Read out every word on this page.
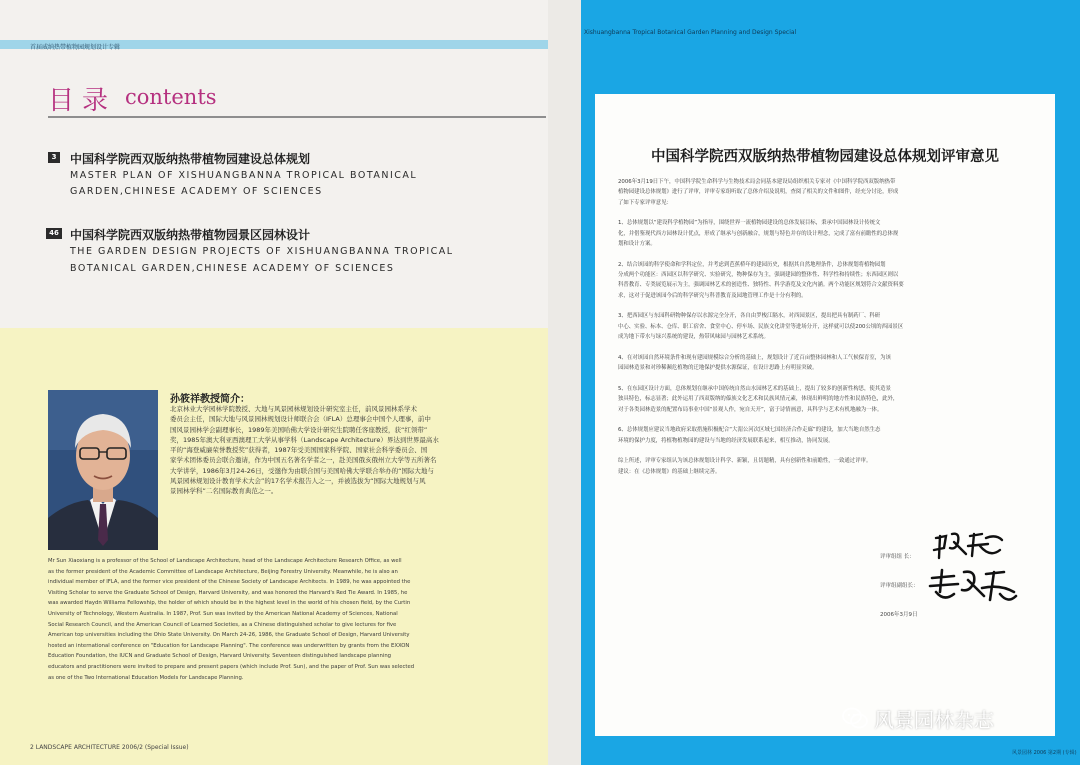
首届威纳热带植物园规划设计专辑
目录 contents
3 中国科学院西双版纳热带植物园建设总体规划
MASTER PLAN OF XISHUANGBANNA TROPICAL BOTANICAL
GARDEN,CHINESE ACADEMY OF SCIENCES
46 中国科学院西双版纳热带植物园景区园林设计
THE GARDEN DESIGN PROJECTS OF XISHUANGBANNA TROPICAL
BOTANICAL GARDEN,CHINESE ACADEMY OF SCIENCES
孙筱祥教授简介：
北京林业大学园林学院教授、大地与风景园林规划设计研究室主任，前风景园林系学术
委员会主任，国际大地与风景园林规划设计师联合会（IFLA）总理事会中国个人理事，前中
国风景园林学会副理事长，1989年美国哈佛大学设计研究生院聘任客座教授，获“红领带”
奖，1985年澳大利亚西澳理工大学从事学科（Landscape Architecture）界达到世界最高水
平的“海登威廉荣誉教授奖”获得者，1987年受美国国家科学院、国家社会科学委员会、国
家学术团体委员会联合邀请，作为中国五名著名学者之一，赴美国俄亥俄州立大学等五所著名
大学讲学，1986年3月24-26日，受邀作为由联合国与美国哈佛大学联合举办的“国际大地与
风景园林规划设计教育学术大会”的17名学术报告人之一，并被选拔为“国际大地规划与风
景园林学科”二名国际教育典范之一。
Mr Sun Xiaoxiang is a professor of the School of Landscape Architecture, head of the Landscape Architecture Research Office, as well
as the former president of the Academic Committee of Landscape Architecture, Beijing Forestry University. Meanwhile, he is also an
individual member of IFLA, and the former vice president of the Chinese Society of Landscape Architects. In 1989, he was appointed the
Visiting Scholar to serve the Graduate School of Design, Harvard University, and was honored the Harvard's Red Tie Award. In 1985, he
was awarded Haydn Williams Fellowship, the holder of which should be in the highest level in the world of his chosen field, by the Curtin
University of Technology, Western Australia. In 1987, Prof. Sun was invited by the American National Academy of Sciences, National
Social Research Council, and the American Council of Learned Societies, as a Chinese distinguished scholar to give lectures for five
American top universities including the Ohio State University. On March 24-26, 1986, the Graduate School of Design, Harvard University
hosted an international conference on "Education for Landscape Planning". The conference was underwritten by grants from the EXXON
Education Foundation, the IUCN and Graduate School of Design, Harvard University. Seventeen distinguished landscape planning
educators and practitioners were invited to prepare and present papers (which include Prof. Sun), and the paper of Prof. Sun was selected
as one of the Two International Education Models for Landscape Planning.
2 LANDSCAPE ARCHITECTURE 2006/2 (Special Issue)
Xishuangbanna Tropical Botanical Garden Planning and Design Special
中国科学院西双版纳热带植物园建设总体规划评审意见
2006年3月19日下午，中国科学院生命科学与生物技术局会同基本建设局组织相关专家对《中国科学院西双版纳热带
植物园建设总体规划》进行了评审，评审专家组听取了总体介绍及说明，查阅了相关的文件和图件，经充分讨论，形成
了如下专家评审意见：
1、总体规划以“建设科学植物园”为指导，围绕世界一流植物园建设的总体发展目标，秉承中国园林设计传统文
化，并借鉴现代西方园林设计优点，形成了继承与创新融合，规划与特色并存的设计理念，完成了富有前瞻性的总体规
划和设计方案。
2、结合该园的科学使命和学科定位，并考虑到芭蕉桥年的建园历史，根据其自然地理条件，总体规划将植物园划
分成两个功能区：西园区以科学研究、实验研究，物种保存为主，强调建园的整体性、科学性和持续性；东西园区则以
科普教育、专类展览展示为主，强调园林艺术的创造性、独特性、科学游览及文化内涵。两个功能区规划符合文献资料要
求，这对于促进该园今后的科学研究与科普教育及园地管理工作是十分有利的。
3、把西园区与东园科研物种保存以水源完全分开，各自由罗梭江隔水，对西园景区，提出把具有制药厂、科研
中心、实验、标本、仓库、职工宿舍、食堂中心、停车场、民族文化讲堂等进场分开，这样就可以使200公顷的西园景区
成为地下带水与绿兴系统的建设，热带风味园与园林艺术系统。
4、在对该园自然环境条件和现有建园规模综合分析的基础上，规划设计了近百亩整体园林和人工气候保育室，为该
园园林造景和对珍稀濒危植物的迁地保护提供水源保证，在设计思路上有明显突破。
5、在东园区设计方面，总体规划在继承中国传统自然山水园林艺术的基础上，提出了较多的创新性构思，使其造景
独具特色，标志显著；此外运用了西双版纳的傣族文化艺术和民族风情元素，体现出鲜明的地方性和民族特色，此外，
对于各类园林造景的配置布局事业中国“景观人作，宛自天开”，富于诗情画意，具科学与艺术有机地融为一体。
6、总体规划应建议当地政府采取措施积极配合“大湄公河次区域七国经济合作走廊”的建设，加大当地自然生态
环境的保护力度，将植物植物园的建设与当地的经济发展联系起来，相互推动，协同发展。
综上所述，评审专家组认为该总体规划设计科学、新颖，且切题精，具有创新性和前瞻性，一致通过评审。
建议：在《总体规划》的基础上继续完善。
评审组组 长：
评审组副组长：
2006年3月9日
风景园林 2006 第2期 (专辑)
风景园林杂志
